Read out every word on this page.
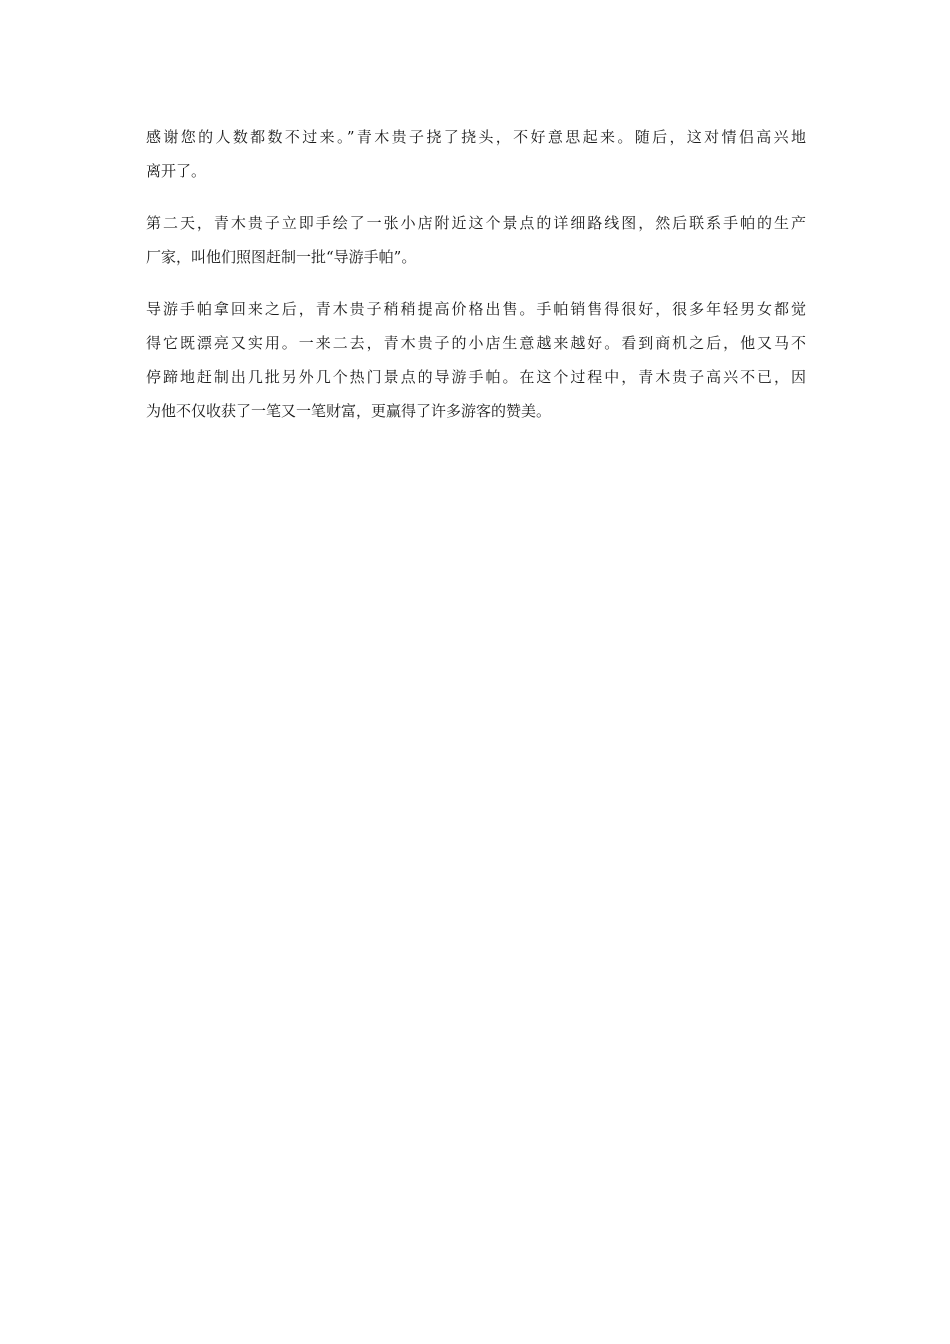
感谢您的人数都数不过来。”青木贵子挠了挠头，不好意思起来。随后，这对情侣高兴地
离开了。

第二天，青木贵子立即手绘了一张小店附近这个景点的详细路线图，然后联系手帕的生产
厂家，叫他们照图赶制一批“导游手帕”。

导游手帕拿回来之后，青木贵子稍稍提高价格出售。手帕销售得很好，很多年轻男女都觉
得它既漂亮又实用。一来二去，青木贵子的小店生意越来越好。看到商机之后，他又马不
停蹄地赶制出几批另外几个热门景点的导游手帕。在这个过程中，青木贵子高兴不已，因
为他不仅收获了一笔又一笔财富，更赢得了许多游客的赞美。
